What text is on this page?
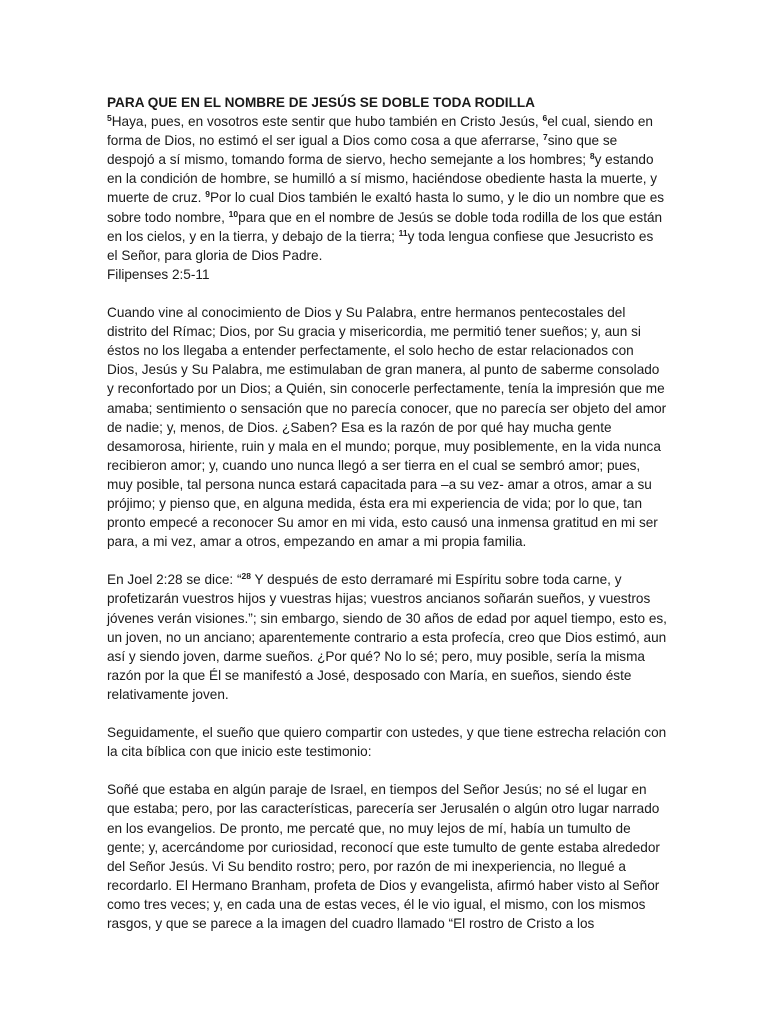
PARA QUE EN EL NOMBRE DE JESÚS SE DOBLE TODA RODILLA

$^5$Haya, pues, en vosotros este sentir que hubo también en Cristo Jesús, $^6$el cual, siendo en forma de Dios, no estimó el ser igual a Dios como cosa a que aferrarse, $^7$sino que se despojó a sí mismo, tomando forma de siervo, hecho semejante a los hombres; $^8$y estando en la condición de hombre, se humilló a sí mismo, haciéndose obediente hasta la muerte, y muerte de cruz. $^9$Por lo cual Dios también le exaltó hasta lo sumo, y le dio un nombre que es sobre todo nombre, $^{10}$para que en el nombre de Jesús se doble toda rodilla de los que están en los cielos, y en la tierra, y debajo de la tierra; $^{11}$y toda lengua confiese que Jesucristo es el Señor, para gloria de Dios Padre.

Filipenses 2:5-11

Cuando vine al conocimiento de Dios y Su Palabra, entre hermanos pentecostales del distrito del Rímac; Dios, por Su gracia y misericordia, me permitió tener sueños; y, aun si éstos no los llegaba a entender perfectamente, el solo hecho de estar relacionados con Dios, Jesús y Su Palabra, me estimulaban de gran manera, al punto de saberme consolado y reconfortado por un Dios; a Quién, sin conocerle perfectamente, tenía la impresión que me amaba; sentimiento o sensación que no parecía conocer, que no parecía ser objeto del amor de nadie; y, menos, de Dios. ¿Saben? Esa es la razón de por qué hay mucha gente desamorosa, hiriente, ruin y mala en el mundo; porque, muy posiblemente, en la vida nunca recibieron amor; y, cuando uno nunca llegó a ser tierra en el cual se sembró amor; pues, muy posible, tal persona nunca estará capacitada para –a su vez- amar a otros, amar a su prójimo; y pienso que, en alguna medida, ésta era mi experiencia de vida; por lo que, tan pronto empecé a reconocer Su amor en mi vida, esto causó una inmensa gratitud en mi ser para, a mi vez, amar a otros, empezando en amar a mi propia familia.

En Joel 2:28 se dice: “$^{28}$ Y después de esto derramaré mi Espíritu sobre toda carne, y profetizarán vuestros hijos y vuestras hijas; vuestros ancianos soñarán sueños, y vuestros jóvenes verán visiones.”; sin embargo, siendo de 30 años de edad por aquel tiempo, esto es, un joven, no un anciano; aparentemente contrario a esta profecía, creo que Dios estimó, aun así y siendo joven, darme sueños. ¿Por qué? No lo sé; pero, muy posible, sería la misma razón por la que Él se manifestó a José, desposado con María, en sueños, siendo éste relativamente joven.

Seguidamente, el sueño que quiero compartir con ustedes, y que tiene estrecha relación con la cita bíblica con que inicio este testimonio:

Soñé que estaba en algún paraje de Israel, en tiempos del Señor Jesús; no sé el lugar en que estaba; pero, por las características, parecería ser Jerusalén o algún otro lugar narrado en los evangelios. De pronto, me percaté que, no muy lejos de mí, había un tumulto de gente; y, acercándome por curiosidad, reconocí que este tumulto de gente estaba alrededor del Señor Jesús. Vi Su bendito rostro; pero, por razón de mi inexperiencia, no llegué a recordarlo. El Hermano Branham, profeta de Dios y evangelista, afirmó haber visto al Señor como tres veces; y, en cada una de estas veces, él le vio igual, el mismo, con los mismos rasgos, y que se parece a la imagen del cuadro llamado “El rostro de Cristo a los
